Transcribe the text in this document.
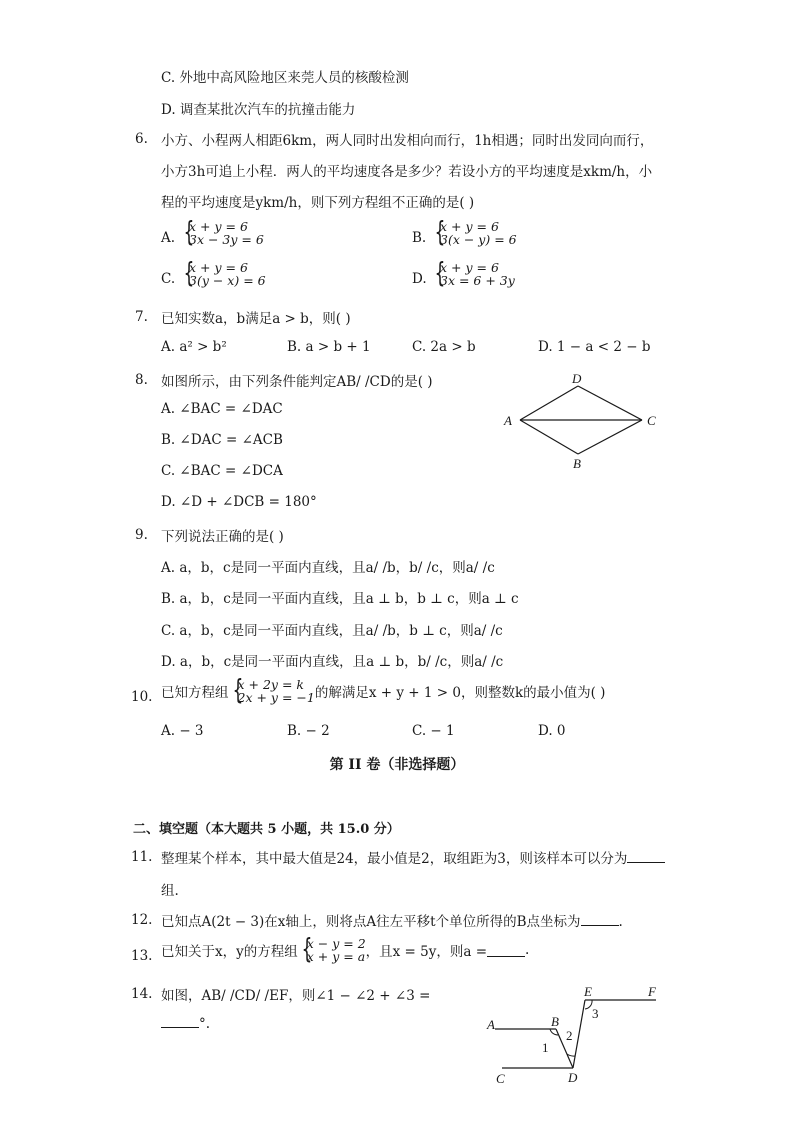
C. 外地中高风险地区来莞人员的核酸检测
D. 调查某批次汽车的抗撞击能力
6. 小方、小程两人相距6km，两人同时出发相向而行，1h相遇；同时出发同向而行，
小方3h可追上小程．两人的平均速度各是多少？若设小方的平均速度是xkm/h，小
程的平均速度是ykm/h，则下列方程组不正确的是( )
A. {
x + y = 6
3x − 3y = 6	B. {
x + y = 6
3(x − y) = 6
C. {
x + y = 6
3(y − x) = 6	D. {
x + y = 6
3x = 6 + 3y
7. 已知实数a，b满足a > b，则( )
A. a² > b²	B. a > b + 1	C. 2a > b	D. 1 − a < 2 − b
8. 如图所示，由下列条件能判定AB/ /CD的是( )
A. ∠BAC = ∠DAC
B. ∠DAC = ∠ACB
C. ∠BAC = ∠DCA
D. ∠D + ∠DCB = 180°
A
D
C
B
9. 下列说法正确的是( )
A. a，b，c是同一平面内直线，且a/ /b，b/ /c，则a/ /c
B. a，b，c是同一平面内直线，且a ⊥ b，b ⊥ c，则a ⊥ c
C. a，b，c是同一平面内直线，且a/ /b，b ⊥ c，则a/ /c
D. a，b，c是同一平面内直线，且a ⊥ b，b/ /c，则a/ /c
10. 已知方程组 {
x + 2y = k
2x + y = −1 的解满足x + y + 1 > 0，则整数k的最小值为( )
A. − 3	B. − 2	C. − 1	D. 0
第 II 卷（非选择题）
二、填空题（本大题共 5 小题，共 15.0 分）
11. 整理某个样本，其中最大值是24，最小值是2，取组距为3，则该样本可以分为
组.
12. 已知点A(2t − 3)在x轴上，则将点A往左平移t个单位所得的B点坐标为	.
13. 已知关于x，y的方程组 {
x − y = 2
x + y = a ，且x = 5y，则a =	.
14. 如图，AB/ /CD/ /EF，则∠1 − ∠2 + ∠3 =
°.
E	F
A	B
C	D
1
2
3
